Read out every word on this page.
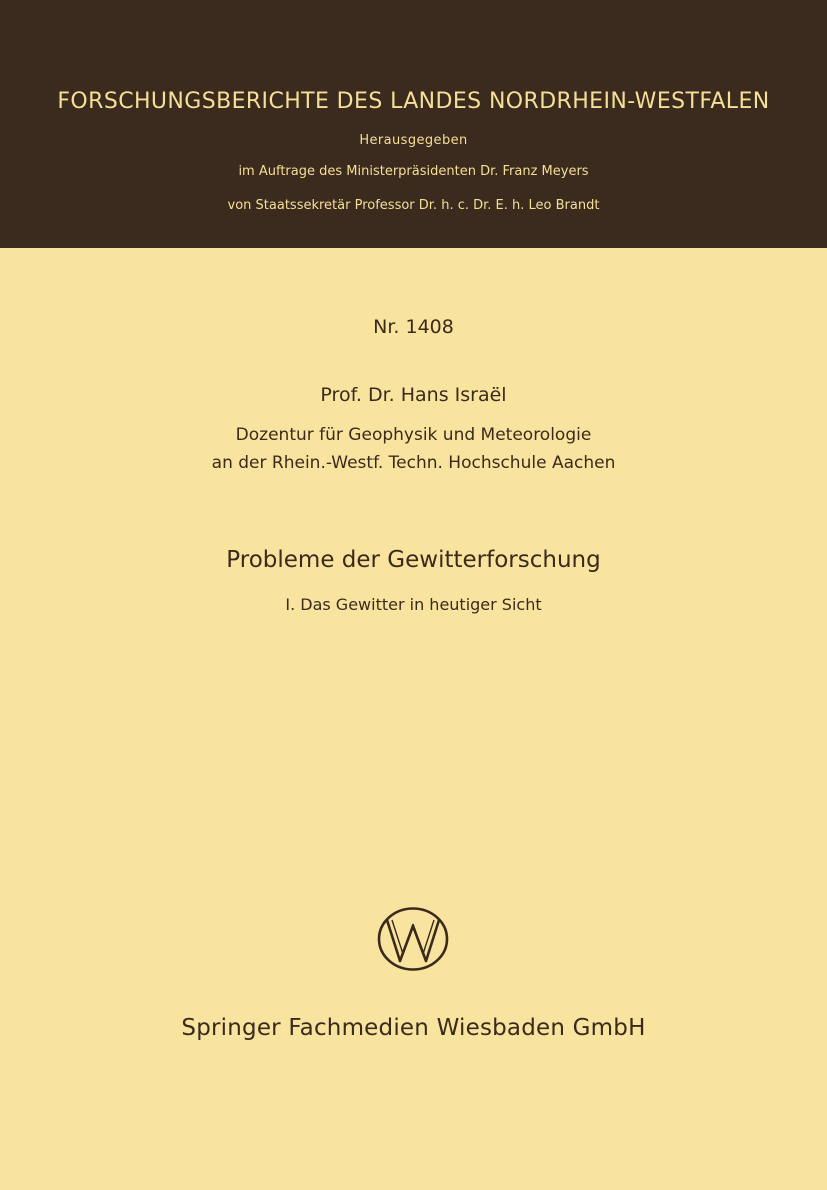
FORSCHUNGSBERICHTE DES LANDES NORDRHEIN-WESTFALEN
Herausgegeben
im Auftrage des Ministerpräsidenten Dr. Franz Meyers
von Staatssekretär Professor Dr. h. c. Dr. E. h. Leo Brandt
Nr. 1408
Prof. Dr. Hans Israël
Dozentur für Geophysik und Meteorologie
an der Rhein.-Westf. Techn. Hochschule Aachen
Probleme der Gewitterforschung
I. Das Gewitter in heutiger Sicht
Springer Fachmedien Wiesbaden GmbH
